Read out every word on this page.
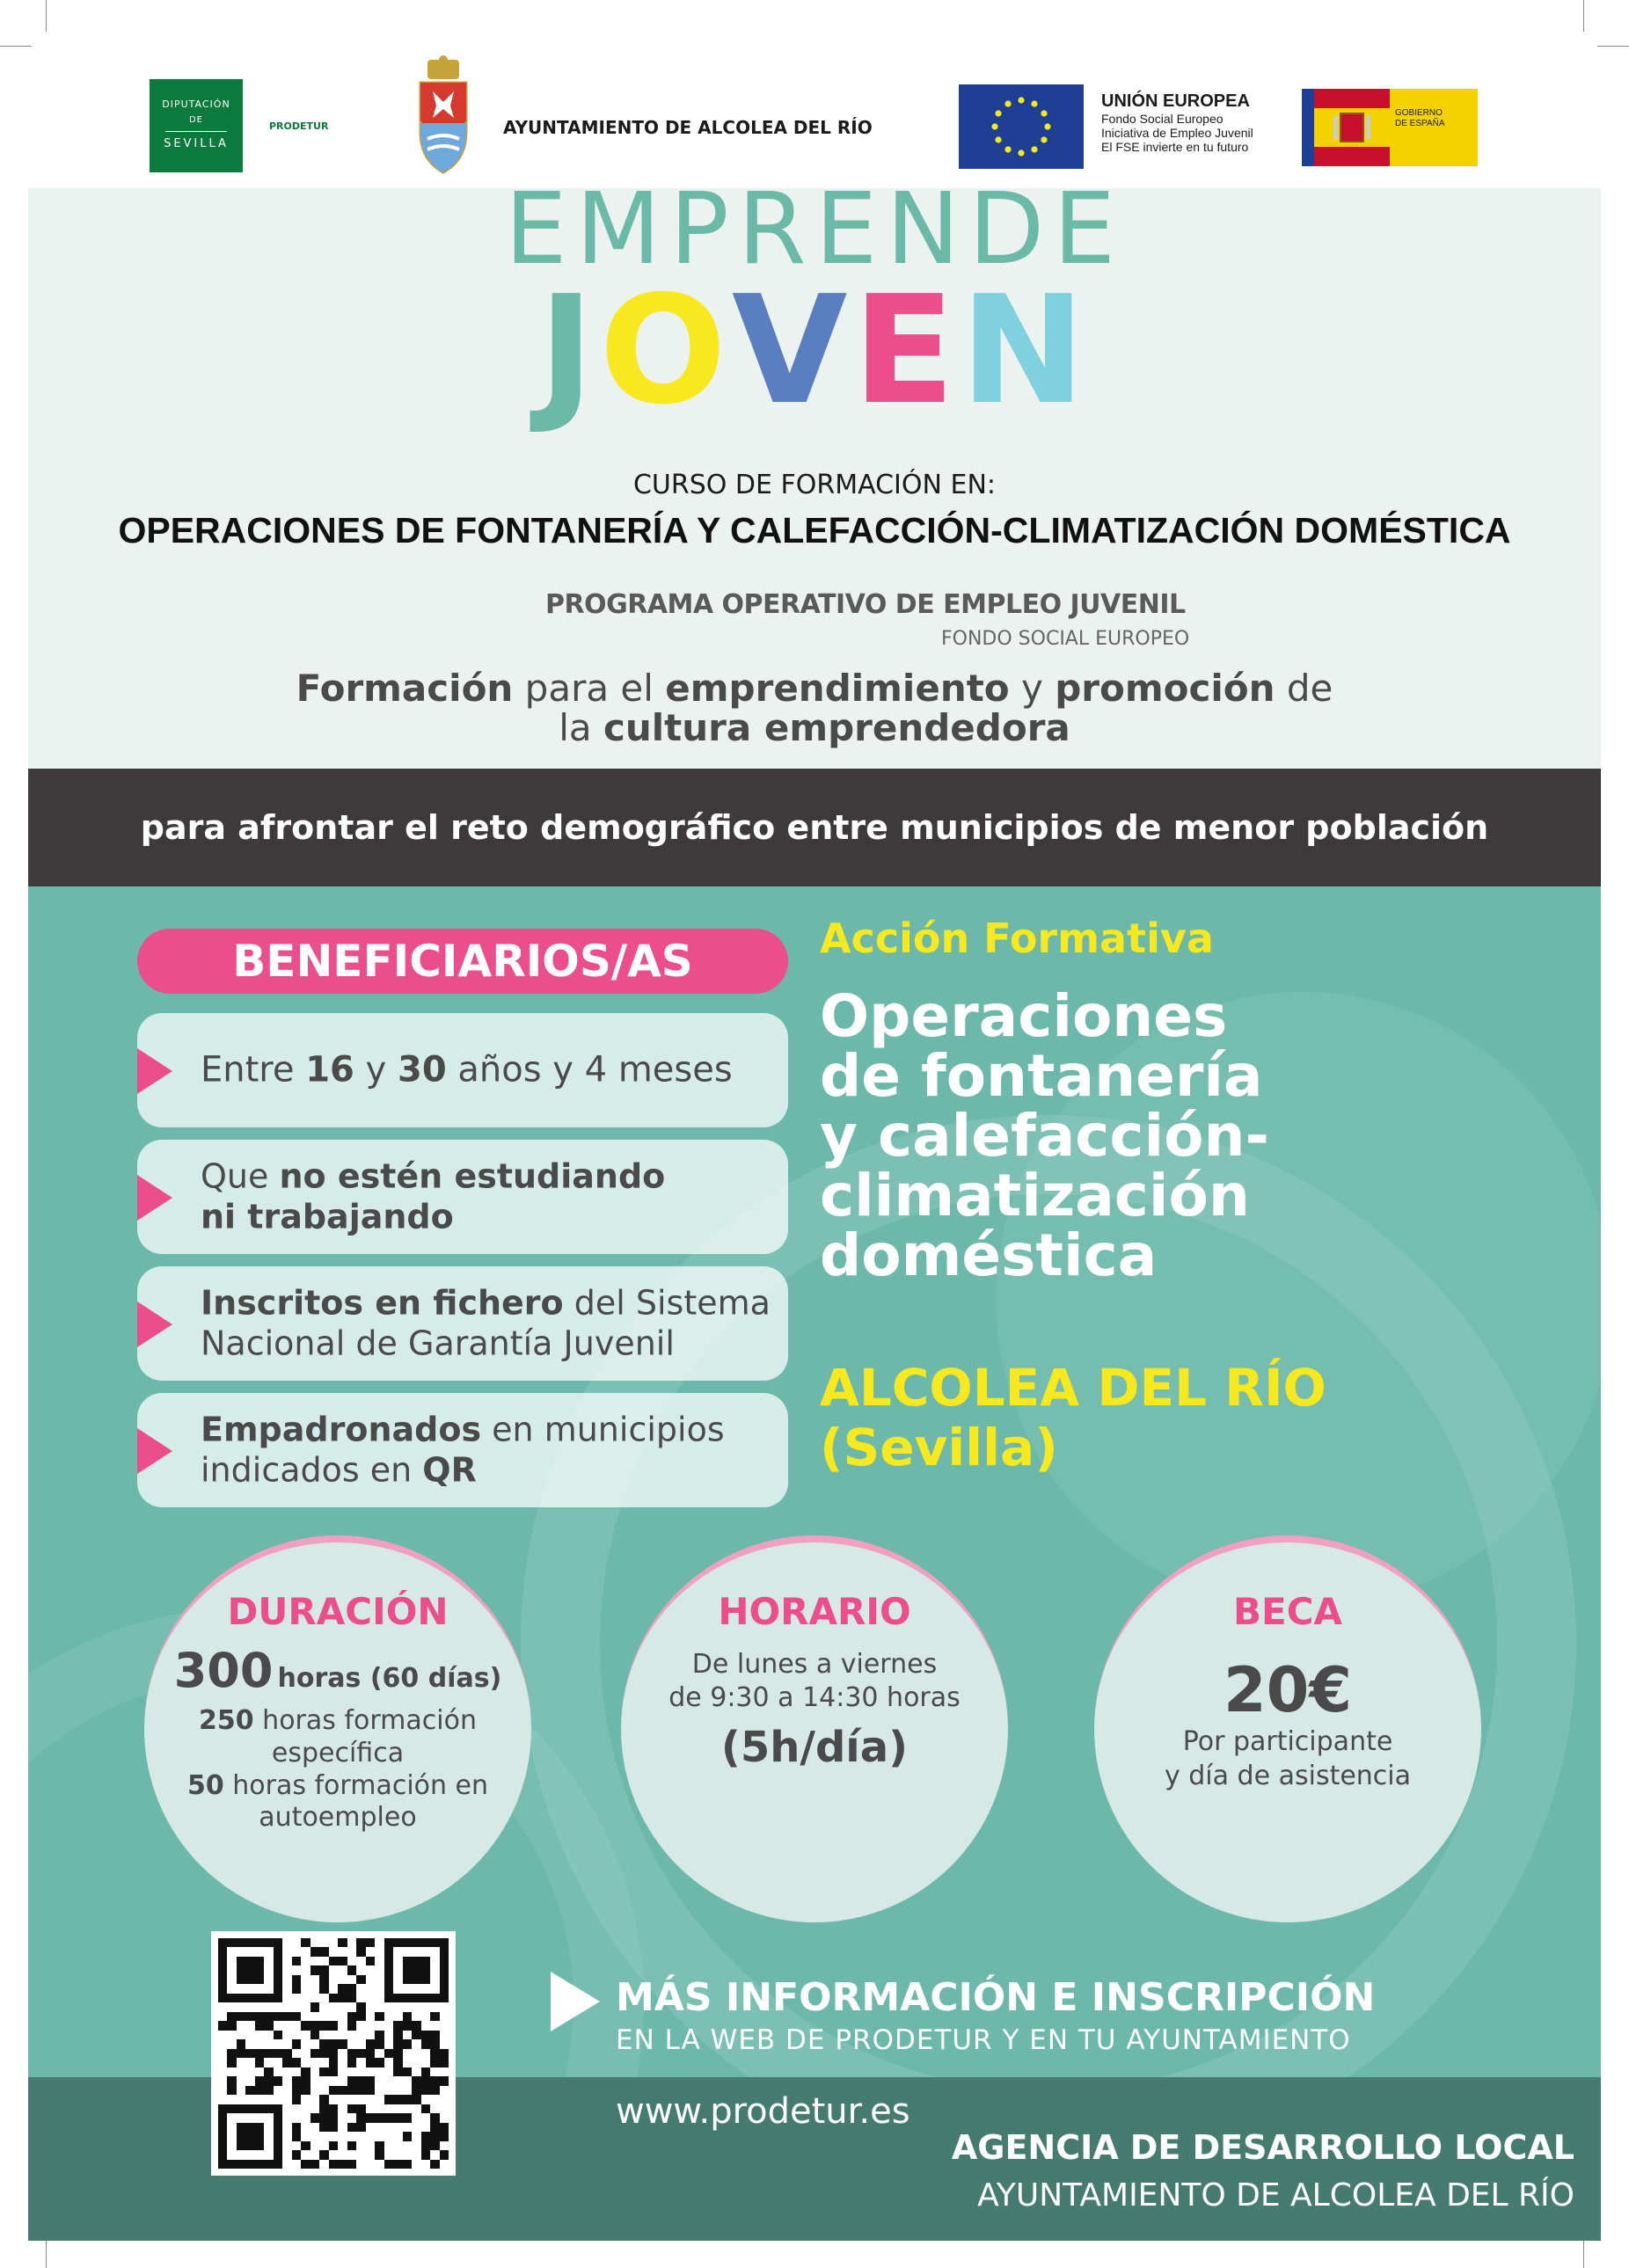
DIPUTACIÓN
DE
SEVILLA
PRODETUR	AYUNTAMIENTO DE ALCOLEA DEL RÍO
UNIÓN EUROPEA
Fondo Social Europeo
Iniciativa de Empleo Juvenil
El FSE invierte en tu futuro
GOBIERNO
DE ESPAÑA
EMPRENDE
JOVEN
CURSO DE FORMACIÓN EN:
OPERACIONES DE FONTANERÍA Y CALEFACCIÓN-CLIMATIZACIÓN DOMÉSTICA
PROGRAMA OPERATIVO DE EMPLEO JUVENIL
FONDO SOCIAL EUROPEO
Formación para el emprendimiento y promoción de
la cultura emprendedora
para afrontar el reto demográfico entre municipios de menor población
BENEFICIARIOS/AS
Entre 16 y 30 años y 4 meses
Que no estén estudiando
ni trabajando
Inscritos en fichero del Sistema Nacional de Garantía Juvenil
Empadronados en municipios indicados en QR
Acción Formativa
Operaciones
de fontanería
y calefacción-
climatización
doméstica
ALCOLEA DEL RÍO
(Sevilla)
DURACIÓN
300 horas (60 días)
250 horas formación específica
50 horas formación en autoempleo
HORARIO
De lunes a viernes
de 9:30 a 14:30 horas
(5h/día)
BECA
20€
Por participante
y día de asistencia
MÁS INFORMACIÓN E INSCRIPCIÓN
EN LA WEB DE PRODETUR Y EN TU AYUNTAMIENTO
www.prodetur.es
AGENCIA DE DESARROLLO LOCAL
AYUNTAMIENTO DE ALCOLEA DEL RÍO
